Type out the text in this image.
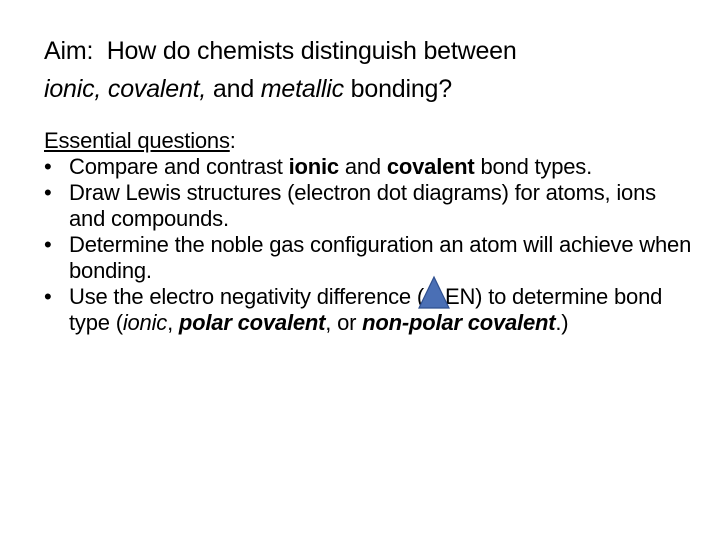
Aim: How do chemists distinguish between
ionic, covalent, and metallic bonding?
Essential questions:
• Compare and contrast ionic and covalent bond types.
• Draw Lewis structures (electron dot diagrams) for atoms, ions and compounds.
• Determine the noble gas configuration an atom will achieve when bonding.
• Use the electro negativity difference ( EN) to determine bond type (ionic, polar covalent, or non-polar covalent.)
